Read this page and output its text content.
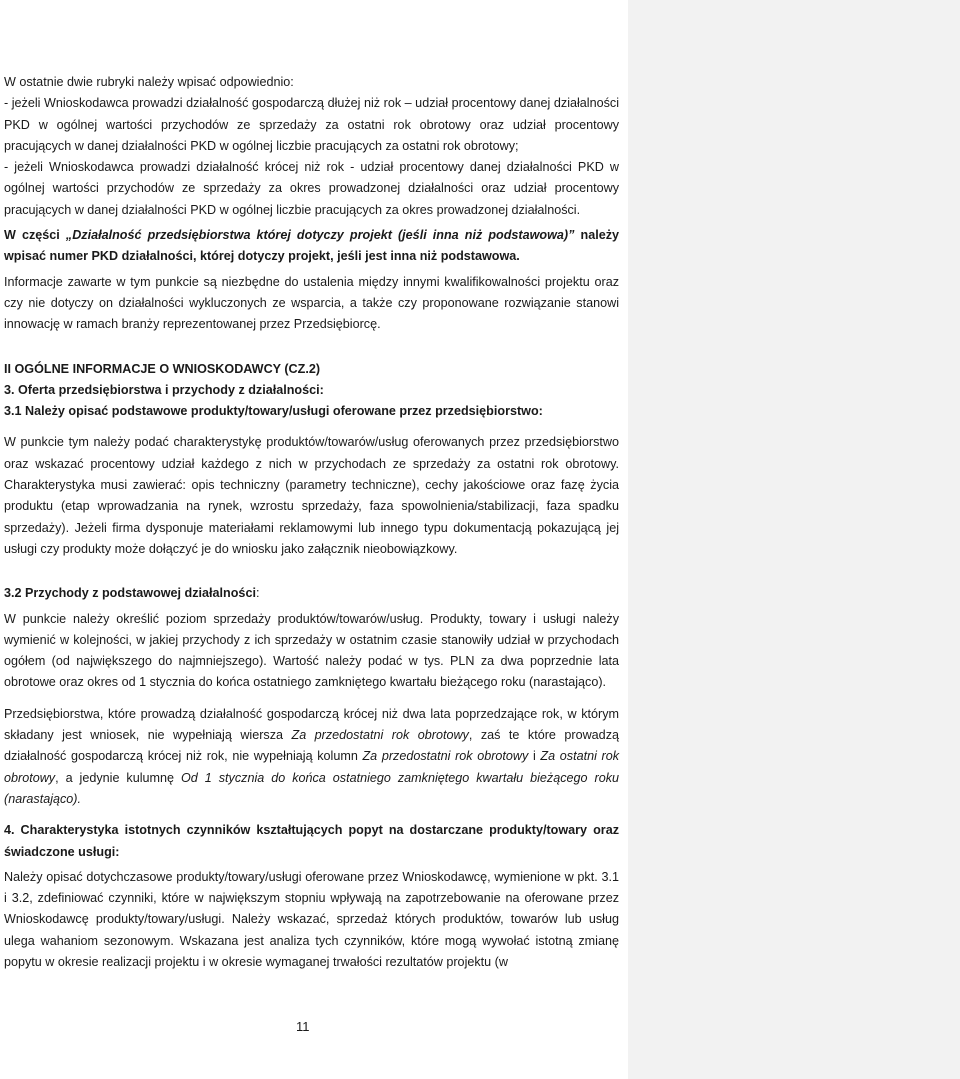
W ostatnie dwie rubryki należy wpisać odpowiednio:

- jeżeli Wnioskodawca prowadzi działalność gospodarczą dłużej niż rok – udział procentowy danej działalności PKD w ogólnej wartości przychodów ze sprzedaży za ostatni rok obrotowy oraz udział procentowy pracujących w danej działalności PKD w ogólnej liczbie pracujących za ostatni rok obrotowy;

- jeżeli Wnioskodawca prowadzi działalność krócej niż rok - udział procentowy danej działalności PKD w ogólnej wartości przychodów ze sprzedaży za okres prowadzonej działalności oraz udział procentowy pracujących w danej działalności PKD w ogólnej liczbie pracujących za okres prowadzonej działalności.

W części „Działalność przedsiębiorstwa której dotyczy projekt (jeśli inna niż podstawowa)” należy wpisać numer PKD działalności, której dotyczy projekt, jeśli jest inna niż podstawowa.

Informacje zawarte w tym punkcie są niezbędne do ustalenia między innymi kwalifikowalności projektu oraz czy nie dotyczy on działalności wykluczonych ze wsparcia, a także czy proponowane rozwiązanie stanowi innowację w ramach branży reprezentowanej przez Przedsiębiorcę.

II OGÓLNE INFORMACJE O WNIOSKODAWCY (CZ.2)

3. Oferta przedsiębiorstwa i przychody z działalności:

3.1 Należy opisać podstawowe produkty/towary/usługi oferowane przez przedsiębiorstwo:

W punkcie tym należy podać charakterystykę produktów/towarów/usług oferowanych przez przedsiębiorstwo oraz wskazać procentowy udział każdego z nich w przychodach ze sprzedaży za ostatni rok obrotowy. Charakterystyka musi zawierać: opis techniczny (parametry techniczne), cechy jakościowe oraz fazę życia produktu (etap wprowadzania na rynek, wzrostu sprzedaży, faza spowolnienia/stabilizacji, faza spadku sprzedaży). Jeżeli firma dysponuje materiałami reklamowymi lub innego typu dokumentacją pokazującą jej usługi czy produkty może dołączyć je do wniosku jako załącznik nieobowiązkowy.

3.2 Przychody z podstawowej działalności:

W punkcie należy określić poziom sprzedaży produktów/towarów/usług. Produkty, towary i usługi należy wymienić w kolejności, w jakiej przychody z ich sprzedaży w ostatnim czasie stanowiły udział w przychodach ogółem (od największego do najmniejszego). Wartość należy podać w tys. PLN za dwa poprzednie lata obrotowe oraz okres od 1 stycznia do końca ostatniego zamkniętego kwartału bieżącego roku (narastająco).

Przedsiębiorstwa, które prowadzą działalność gospodarczą krócej niż dwa lata poprzedzające rok, w którym składany jest wniosek, nie wypełniają wiersza Za przedostatni rok obrotowy, zaś te które prowadzą działalność gospodarczą krócej niż rok, nie wypełniają kolumn Za przedostatni rok obrotowy i Za ostatni rok obrotowy, a jedynie kulumnę Od 1 stycznia do końca ostatniego zamkniętego kwartału bieżącego roku (narastająco).

4. Charakterystyka istotnych czynników kształtujących popyt na dostarczane produkty/towary oraz świadczone usługi:

Należy opisać dotychczasowe produkty/towary/usługi oferowane przez Wnioskodawcę, wymienione w pkt. 3.1 i 3.2, zdefiniować czynniki, które w największym stopniu wpływają na zapotrzebowanie na oferowane przez Wnioskodawcę produkty/towary/usługi. Należy wskazać, sprzedaż których produktów, towarów lub usług ulega wahaniom sezonowym. Wskazana jest analiza tych czynników, które mogą wywołać istotną zmianę popytu w okresie realizacji projektu i w okresie wymaganej trwałości rezultatów projektu (w

11
